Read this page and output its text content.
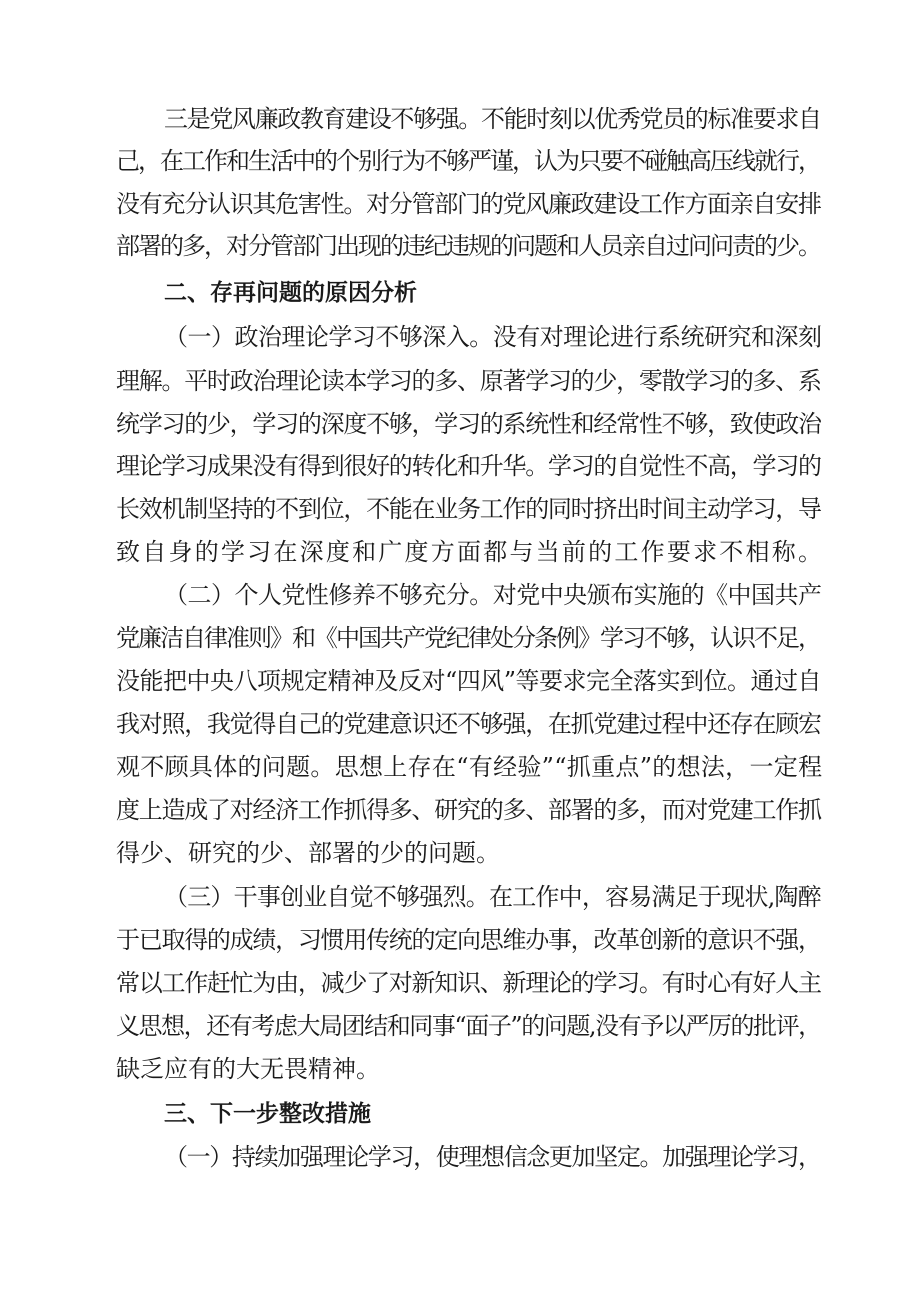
三是党风廉政教育建设不够强。不能时刻以优秀党员的标准要求自
己，在工作和生活中的个别行为不够严谨，认为只要不碰触高压线就行，
没有充分认识其危害性。对分管部门的党风廉政建设工作方面亲自安排
部署的多，对分管部门出现的违纪违规的问题和人员亲自过问问责的少。
二、存再问题的原因分析
（一）政治理论学习不够深入。没有对理论进行系统研究和深刻
理解。平时政治理论读本学习的多、原著学习的少，零散学习的多、系
统学习的少，学习的深度不够，学习的系统性和经常性不够，致使政治
理论学习成果没有得到很好的转化和升华。学习的自觉性不高，学习的
长效机制坚持的不到位，不能在业务工作的同时挤出时间主动学习，导
致自身的学习在深度和广度方面都与当前的工作要求不相称。
（二）个人党性修养不够充分。对党中央颁布实施的《中国共产
党廉洁自律准则》和《中国共产党纪律处分条例》学习不够，认识不足，
没能把中央八项规定精神及反对“四风”等要求完全落实到位。通过自
我对照，我觉得自己的党建意识还不够强，在抓党建过程中还存在顾宏
观不顾具体的问题。思想上存在“有经验”“抓重点”的想法，一定程
度上造成了对经济工作抓得多、研究的多、部署的多，而对党建工作抓
得少、研究的少、部署的少的问题。
（三）干事创业自觉不够强烈。在工作中，容易满足于现状,陶醉
于已取得的成绩，习惯用传统的定向思维办事，改革创新的意识不强，
常以工作赶忙为由，减少了对新知识、新理论的学习。有时心有好人主
义思想，还有考虑大局团结和同事“面子”的问题,没有予以严厉的批评，
缺乏应有的大无畏精神。
三、下一步整改措施
（一）持续加强理论学习，使理想信念更加坚定。加强理论学习，
